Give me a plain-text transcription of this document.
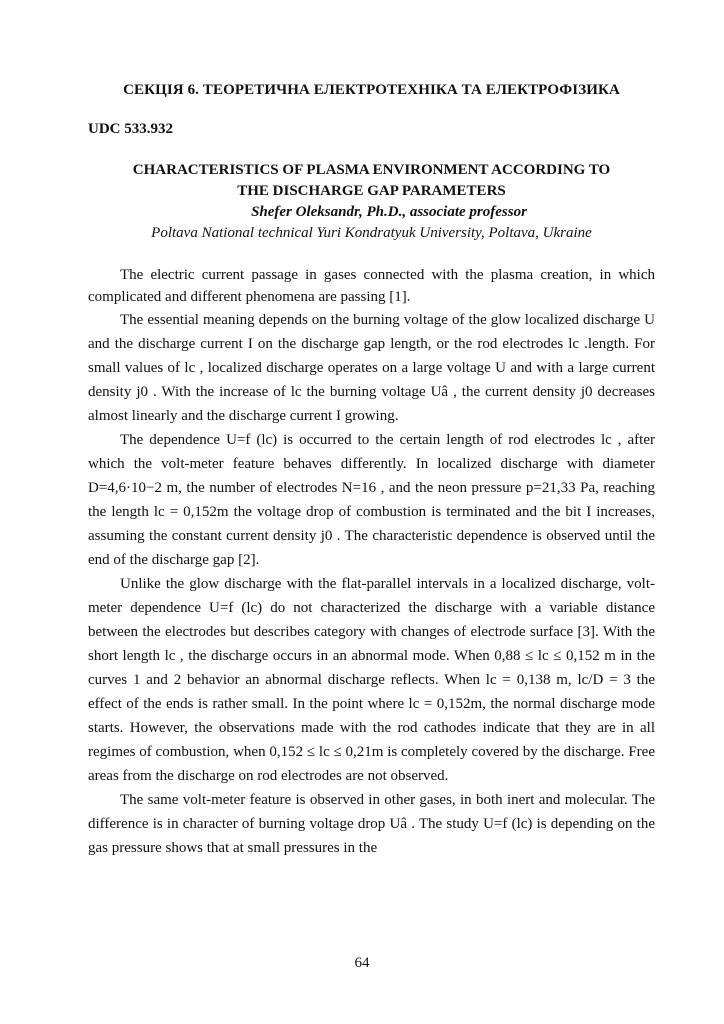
СЕКЦІЯ 6. ТЕОРЕТИЧНА ЕЛЕКТРОТЕХНІКА ТА ЕЛЕКТРОФІЗИКА

UDC 533.932

CHARACTERISTICS OF PLASMA ENVIRONMENT ACCORDING TO
THE DISCHARGE GAP PARAMETERS

Shefer Oleksandr, Ph.D., associate professor

Poltava National technical Yuri Kondratyuk University, Poltava, Ukraine

The electric current passage in gases connected with the plasma creation, in which complicated and different phenomena are passing [1].

The essential meaning depends on the burning voltage of the glow localized discharge U and the discharge current I on the discharge gap length, or the rod electrodes lc .length. For small values of lc , localized discharge operates on a large voltage U and with a large current density j0 . With the increase of lc the burning voltage Uâ , the current density j0 decreases almost linearly and the discharge current I growing.

The dependence U=f (lc) is occurred to the certain length of rod electrodes lc , after which the volt-meter feature behaves differently. In localized discharge with diameter D=4,6·10−2 m, the number of electrodes N=16 , and the neon pressure p=21,33 Pa, reaching the length lc = 0,152m the voltage drop of combustion is terminated and the bit I increases, assuming the constant current density j0 . The characteristic dependence is observed until the end of the discharge gap [2].

Unlike the glow discharge with the flat-parallel intervals in a localized discharge, volt-meter dependence U=f (lc) do not characterized the discharge with a variable distance between the electrodes but describes category with changes of electrode surface [3]. With the short length lc , the discharge occurs in an abnormal mode. When 0,88 ≤ lc ≤ 0,152 m in the curves 1 and 2 behavior an abnormal discharge reflects. When lc = 0,138 m, lc/D = 3 the effect of the ends is rather small. In the point where lc = 0,152m, the normal discharge mode starts. However, the observations made with the rod cathodes indicate that they are in all regimes of combustion, when 0,152 ≤ lc ≤ 0,21m is completely covered by the discharge. Free areas from the discharge on rod electrodes are not observed.

The same volt-meter feature is observed in other gases, in both inert and molecular. The difference is in character of burning voltage drop Uâ . The study U=f (lc) is depending on the gas pressure shows that at small pressures in the

64
